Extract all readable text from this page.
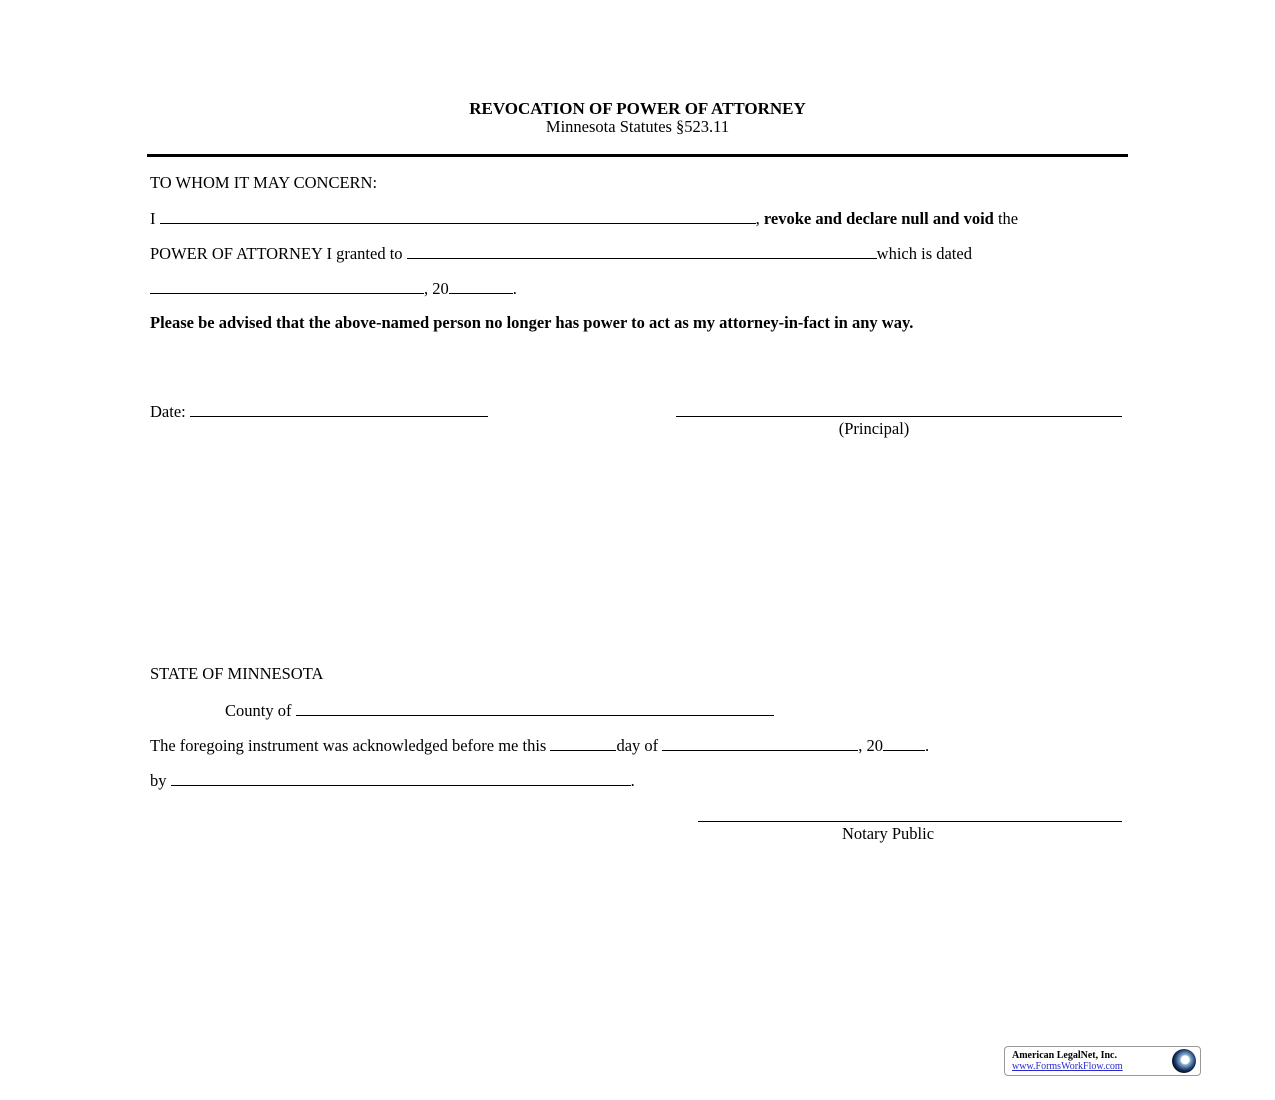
REVOCATION OF POWER OF ATTORNEY
Minnesota Statutes §523.11
TO WHOM IT MAY CONCERN:
I	, revoke and declare null and void the
POWER OF ATTORNEY I granted to	which is dated
, 20	.
Please be advised that the above-named person no longer has power to act as my attorney-in-fact in any way.
Date:
(Principal)
STATE OF MINNESOTA
County of
The foregoing instrument was acknowledged before me this	day of	, 20	.
by	.
Notary Public
American LegalNet, Inc.
www.FormsWorkFlow.com
